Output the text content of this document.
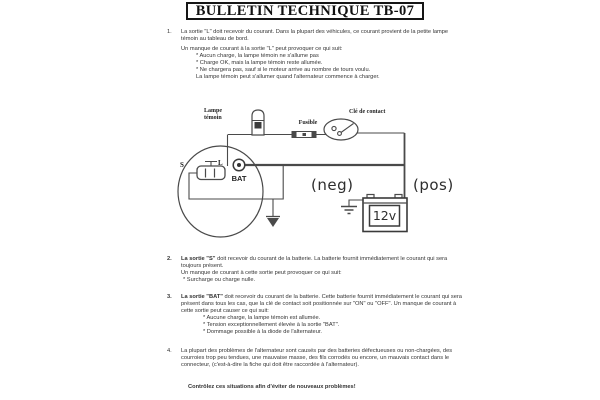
BULLETIN TECHNIQUE TB-07
1. La sortie "L" doit recevoir du courant. Dans la plupart des véhicules, ce courant provient de la petite lampe témoin au tableau de bord.
Un manque de courant à la sortie "L" peut provoquer ce qui suit:
* Aucun charge, la lampe témoin ne s'allume pas
* Charge OK, mais la lampe témoin reste allumée.
* Ne chargera pas, sauf si le moteur arrive au nombre de tours voulu.
La lampe témoin peut s'allumer quand l'alternateur commence à charger.
Lampe
témoin
Fusible
Clé de contact
S	L
BAT	(neg)	(pos)
12v
2. La sortie "S" doit recevoir du courant de la batterie. La batterie fournit immédiatement le courant qui sera toujours présent.
Un manque de courant à cette sortie peut provoquer ce qui suit:
* Surcharge ou charge nulle.
3. La sortie "BAT" doit recevoir du courant de la batterie. Cette batterie fournit immédiatement le courant qui sera présent dans tous les cas, que la clé de contact soit positionnée sur "ON" ou "OFF". Un manque de courant à cette sortie peut causer ce qui suit:
* Aucune charge, la lampe témoin est allumée.
* Tension exceptionnellement élevée à la sortie "BAT".
* Dommage possible à la diode de l'alternateur.
4. La plupart des problèmes de l'alternateur sont causés par des batteries défectueuses ou non-chargées, des courroies trop peu tendues, une mauvaise masse, des fils corrodés ou encore, un mauvais contact dans le connecteur, (c'est-à-dire la fiche qui doit être raccordée à l'alternateur).
Contrôlez ces situations afin d'éviter de nouveaux problèmes!
